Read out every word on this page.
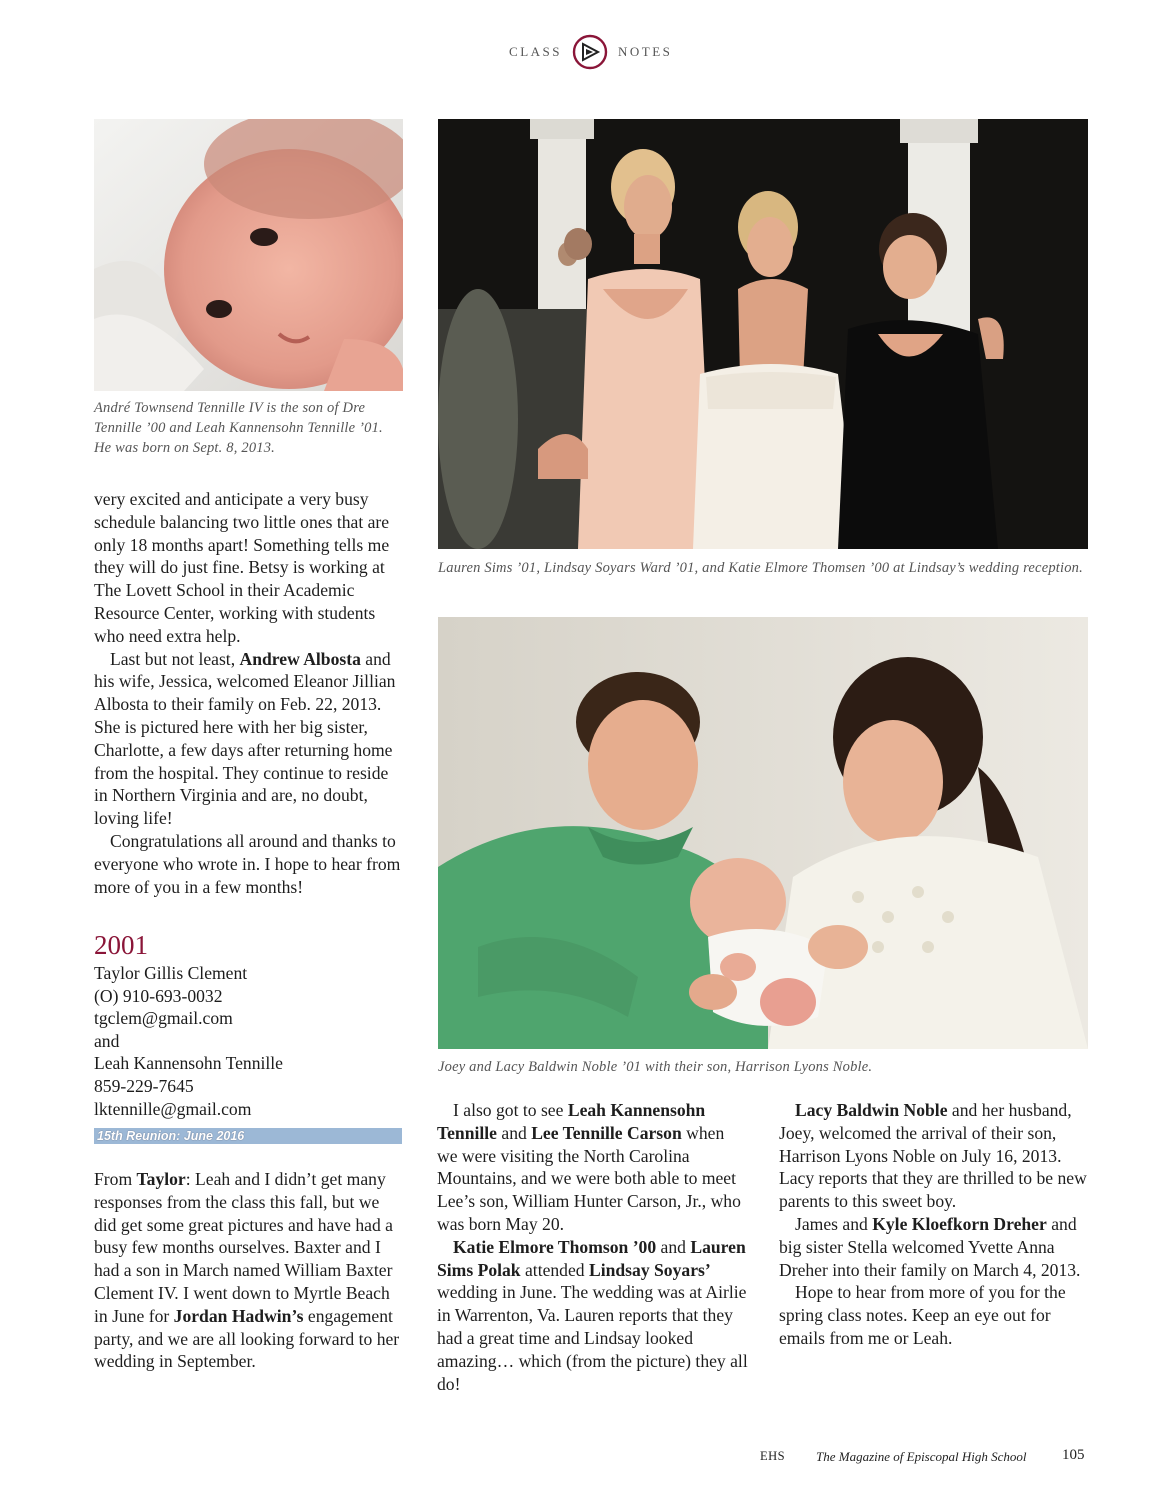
CLASS	NOTES
André Townsend Tennille IV is the son of Dre Tennille ’00 and Leah Kannensohn Tennille ’01. He was born on Sept. 8, 2013.
Lauren Sims ’01, Lindsay Soyars Ward ’01, and Katie Elmore Thomsen ’00 at Lindsay’s wedding reception.
Joey and Lacy Baldwin Noble ’01 with their son, Harrison Lyons Noble.

very excited and anticipate a very busy schedule balancing two little ones that are only 18 months apart! Something tells me they will do just fine. Betsy is working at The Lovett School in their Academic Resource Center, working with students who need extra help.

Last but not least, Andrew Albosta and his wife, Jessica, welcomed Eleanor Jillian Albosta to their family on Feb. 22, 2013. She is pictured here with her big sister, Charlotte, a few days after returning home from the hospital. They continue to reside in Northern Virginia and are, no doubt, loving life!

Congratulations all around and thanks to everyone who wrote in. I hope to hear from more of you in a few months!

2001
Taylor Gillis Clement
(O) 910-693-0032
tgclem@gmail.com
and
Leah Kannensohn Tennille
859-229-7645
lktennille@gmail.com
15th Reunion: June 2016

From Taylor: Leah and I didn’t get many responses from the class this fall, but we did get some great pictures and have had a busy few months ourselves. Baxter and I had a son in March named William Baxter Clement IV. I went down to Myrtle Beach in June for Jordan Hadwin’s engagement party, and we are all looking forward to her wedding in September.

I also got to see Leah Kannensohn Tennille and Lee Tennille Carson when we were visiting the North Carolina Mountains, and we were both able to meet Lee’s son, William Hunter Carson, Jr., who was born May 20.

Katie Elmore Thomson ’00 and Lauren Sims Polak attended Lindsay Soyars’ wedding in June. The wedding was at Airlie in Warrenton, Va. Lauren reports that they had a great time and Lindsay looked amazing… which (from the picture) they all do!

Lacy Baldwin Noble and her husband, Joey, welcomed the arrival of their son, Harrison Lyons Noble on July 16, 2013. Lacy reports that they are thrilled to be new parents to this sweet boy.

James and Kyle Kloefkorn Dreher and big sister Stella welcomed Yvette Anna Dreher into their family on March 4, 2013.

Hope to hear from more of you for the spring class notes. Keep an eye out for emails from me or Leah.

EHS The Magazine of Episcopal High School 105
